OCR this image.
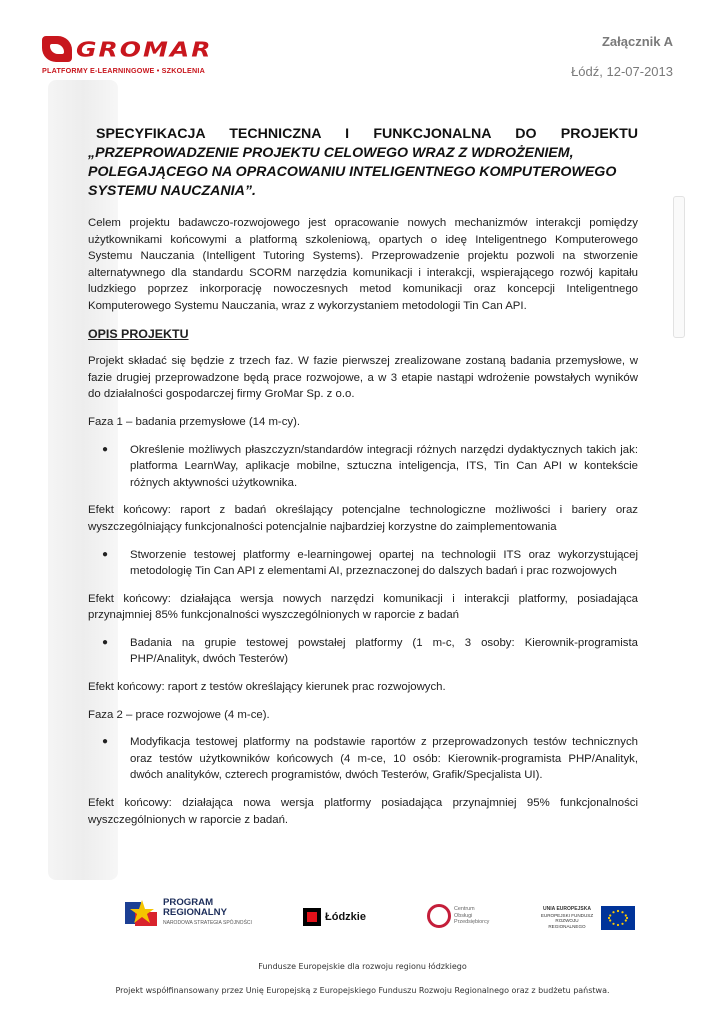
GROMAR
PLATFORMY E-LEARNINGOWE • SZKOLENIA
Załącznik A
Łódź, 12-07-2013
SPECYFIKACJA TECHNICZNA I FUNKCJONALNA DO PROJEKTU
„PRZEPROWADZENIE PROJEKTU CELOWEGO WRAZ Z WDROŻENIEM, POLEGAJĄCEGO NA OPRACOWANIU INTELIGENTNEGO KOMPUTEROWEGO SYSTEMU NAUCZANIA”.

Celem projektu badawczo-rozwojowego jest opracowanie nowych mechanizmów interakcji pomiędzy użytkownikami końcowymi a platformą szkoleniową, opartych o ideę Inteligentnego Komputerowego Systemu Nauczania (Intelligent Tutoring Systems). Przeprowadzenie projektu pozwoli na stworzenie alternatywnego dla standardu SCORM narzędzia komunikacji i interakcji, wspierającego rozwój kapitału ludzkiego poprzez inkorporację nowoczesnych metod komunikacji oraz koncepcji Inteligentnego Komputerowego Systemu Nauczania, wraz z wykorzystaniem metodologii Tin Can API.

OPIS PROJEKTU

Projekt składać się będzie z trzech faz. W fazie pierwszej zrealizowane zostaną badania przemysłowe, w fazie drugiej przeprowadzone będą prace rozwojowe, a w 3 etapie nastąpi wdrożenie powstałych wyników do działalności gospodarczej firmy GroMar Sp. z o.o.

Faza 1 – badania przemysłowe (14 m-cy).

●	Określenie możliwych płaszczyzn/standardów integracji różnych narzędzi dydaktycznych takich jak: platforma LearnWay, aplikacje mobilne, sztuczna inteligencja, ITS, Tin Can API w kontekście różnych aktywności użytkownika.

Efekt końcowy: raport z badań określający potencjalne technologiczne możliwości i bariery oraz wyszczególniający funkcjonalności potencjalnie najbardziej korzystne do zaimplementowania

●	Stworzenie testowej platformy e-learningowej opartej na technologii ITS oraz wykorzystującej metodologię Tin Can API z elementami AI, przeznaczonej do dalszych badań i prac rozwojowych

Efekt końcowy: działająca wersja nowych narzędzi komunikacji i interakcji platformy, posiadająca przynajmniej 85% funkcjonalności wyszczególnionych w raporcie z badań

●	Badania na grupie testowej powstałej platformy (1 m-c, 3 osoby: Kierownik-programista PHP/Analityk, dwóch Testerów)

Efekt końcowy: raport z testów określający kierunek prac rozwojowych.

Faza 2 – prace rozwojowe (4 m-ce).

●	Modyfikacja testowej platformy na podstawie raportów z przeprowadzonych testów technicznych oraz testów użytkowników końcowych (4 m-ce, 10 osób: Kierownik-programista PHP/Analityk, dwóch analityków, czterech programistów, dwóch Testerów, Grafik/Specjalista UI).

Efekt końcowy: działająca nowa wersja platformy posiadająca przynajmniej 95% funkcjonalności wyszczególnionych w raporcie z badań.

PROGRAM
REGIONALNY
NARODOWA STRATEGIA SPÓJNOŚCI	Łódzkie
Centrum
Obsługi
Przedsiębiorcy
UNIA EUROPEJSKA
EUROPEJSKI FUNDUSZ
ROZWOJU REGIONALNEGO
Fundusze Europejskie dla rozwoju regionu łódzkiego
Projekt współfinansowany przez Unię Europejską z Europejskiego Funduszu Rozwoju Regionalnego oraz z budżetu państwa.
